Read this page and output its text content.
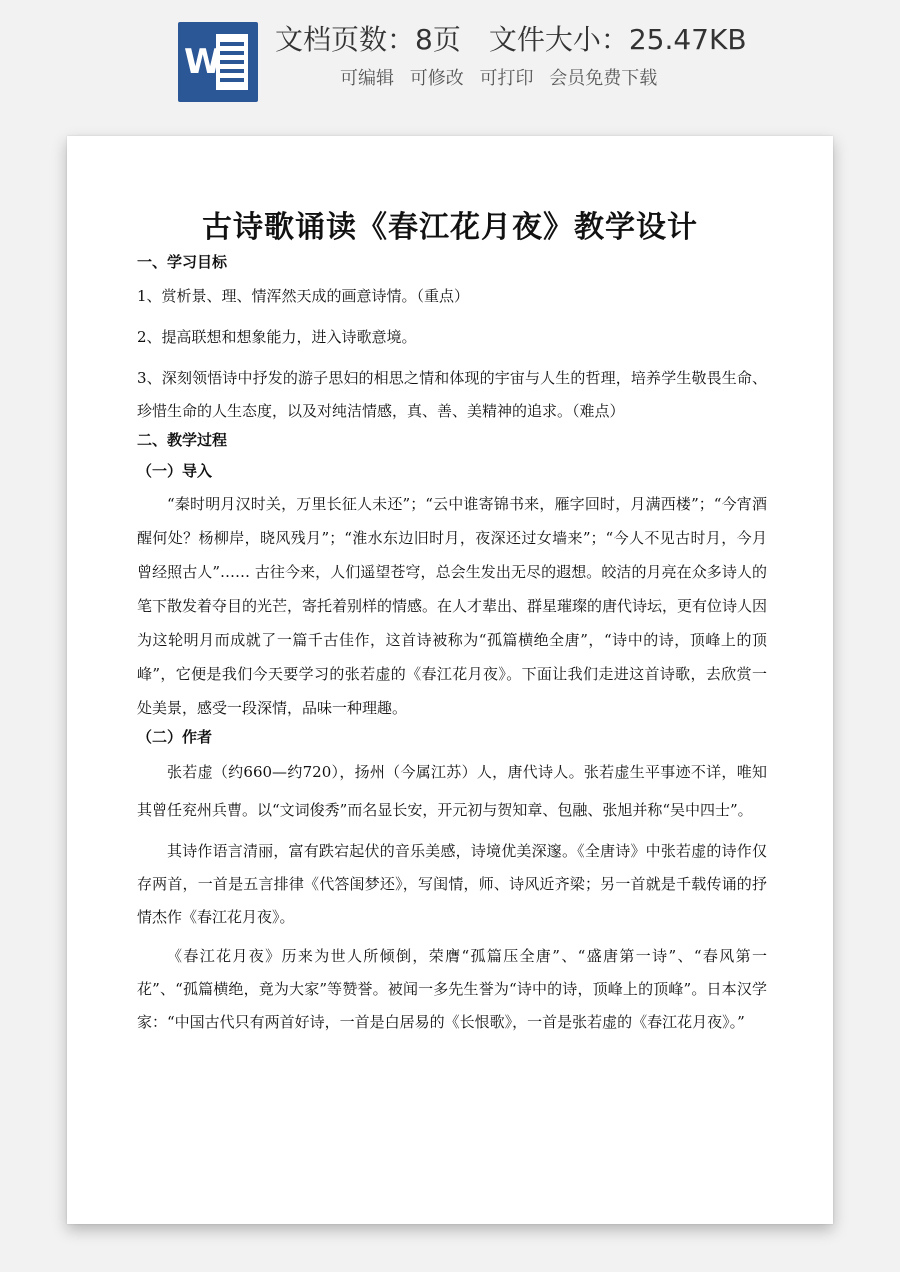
W
文档页数：8页 文件大小：25.47KB
可编辑 可修改 可打印 会员免费下载
古诗歌诵读《春江花月夜》教学设计
一、学习目标
1、赏析景、理、情浑然天成的画意诗情。（重点）
2、提高联想和想象能力，进入诗歌意境。
3、深刻领悟诗中抒发的游子思妇的相思之情和体现的宇宙与人生的哲理，培养学生敬畏生命、珍惜生命的人生态度，以及对纯洁情感，真、善、美精神的追求。（难点）
二、教学过程
（一）导入
“秦时明月汉时关，万里长征人未还”；“云中谁寄锦书来，雁字回时，月满西楼”；“今宵酒醒何处？杨柳岸，晓风残月”；“淮水东边旧时月，夜深还过女墙来”；“今人不见古时月，今月曾经照古人”…… 古往今来，人们遥望苍穹，总会生发出无尽的遐想。皎洁的月亮在众多诗人的笔下散发着夺目的光芒，寄托着别样的情感。在人才辈出、群星璀璨的唐代诗坛，更有位诗人因为这轮明月而成就了一篇千古佳作，这首诗被称为“孤篇横绝全唐”，“诗中的诗，顶峰上的顶峰”，它便是我们今天要学习的张若虚的《春江花月夜》。下面让我们走进这首诗歌，去欣赏一处美景，感受一段深情，品味一种理趣。
（二）作者
张若虚（约660—约720），扬州（今属江苏）人，唐代诗人。张若虚生平事迹不详，唯知其曾任兖州兵曹。以“文词俊秀”而名显长安，开元初与贺知章、包融、张旭并称“吴中四士”。
其诗作语言清丽，富有跌宕起伏的音乐美感，诗境优美深邃。《全唐诗》中张若虚的诗作仅存两首，一首是五言排律《代答闺梦还》，写闺情，师、诗风近齐梁；另一首就是千载传诵的抒情杰作《春江花月夜》。
《春江花月夜》历来为世人所倾倒，荣膺“孤篇压全唐”、“盛唐第一诗”、“春风第一花”、“孤篇横绝，竟为大家”等赞誉。被闻一多先生誉为“诗中的诗，顶峰上的顶峰”。日本汉学家：“中国古代只有两首好诗，一首是白居易的《长恨歌》，一首是张若虚的《春江花月夜》。”
